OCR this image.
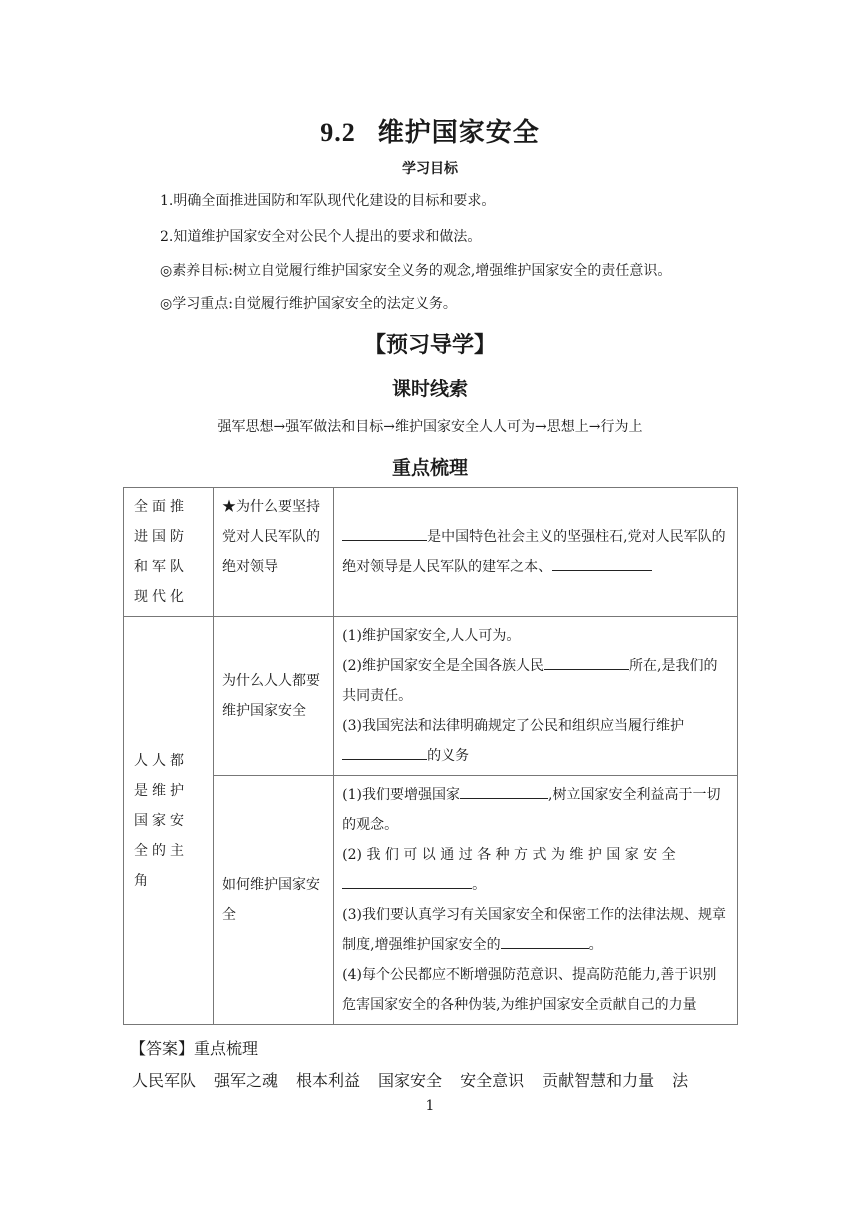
9.2 维护国家安全
学习目标
1.明确全面推进国防和军队现代化建设的目标和要求。
2.知道维护国家安全对公民个人提出的要求和做法。
◎素养目标:树立自觉履行维护国家安全义务的观念,增强维护国家安全的责任意识。
◎学习重点:自觉履行维护国家安全的法定义务。
【预习导学】
课时线索
强军思想→强军做法和目标→维护国家安全人人可为→思想上→行为上
重点梳理
全面推进国防和军队现代化	★为什么要坚持党对人民军队的绝对领导	是中国特色社会主义的坚强柱石,党对人民军队的绝对领导是人民军队的建军之本、
人人都是维护国家安全的主角	为什么人人都要维护国家安全	(1)维护国家安全,人人可为。
(2)维护国家安全是全国各族人民 所在,是我们的共同责任。
(3)我国宪法和法律明确规定了公民和组织应当履行维护的义务

	如何维护国家安全	(1)我们要增强国家 ,树立国家安全利益高于一切的观念。
(2) 我 们 可 以 通 过 各 种 方 式 为 维 护 国 家 安 全。
(3)我们要认真学习有关国家安全和保密工作的法律法规、规章制度,增强维护国家安全的 。
(4)每个公民都应不断增强防范意识、提高防范能力,善于识别危害国家安全的各种伪装,为维护国家安全贡献自己的力量
【答案】重点梳理
人民军队 强军之魂 根本利益 国家安全 安全意识 贡献智慧和力量 法
1
